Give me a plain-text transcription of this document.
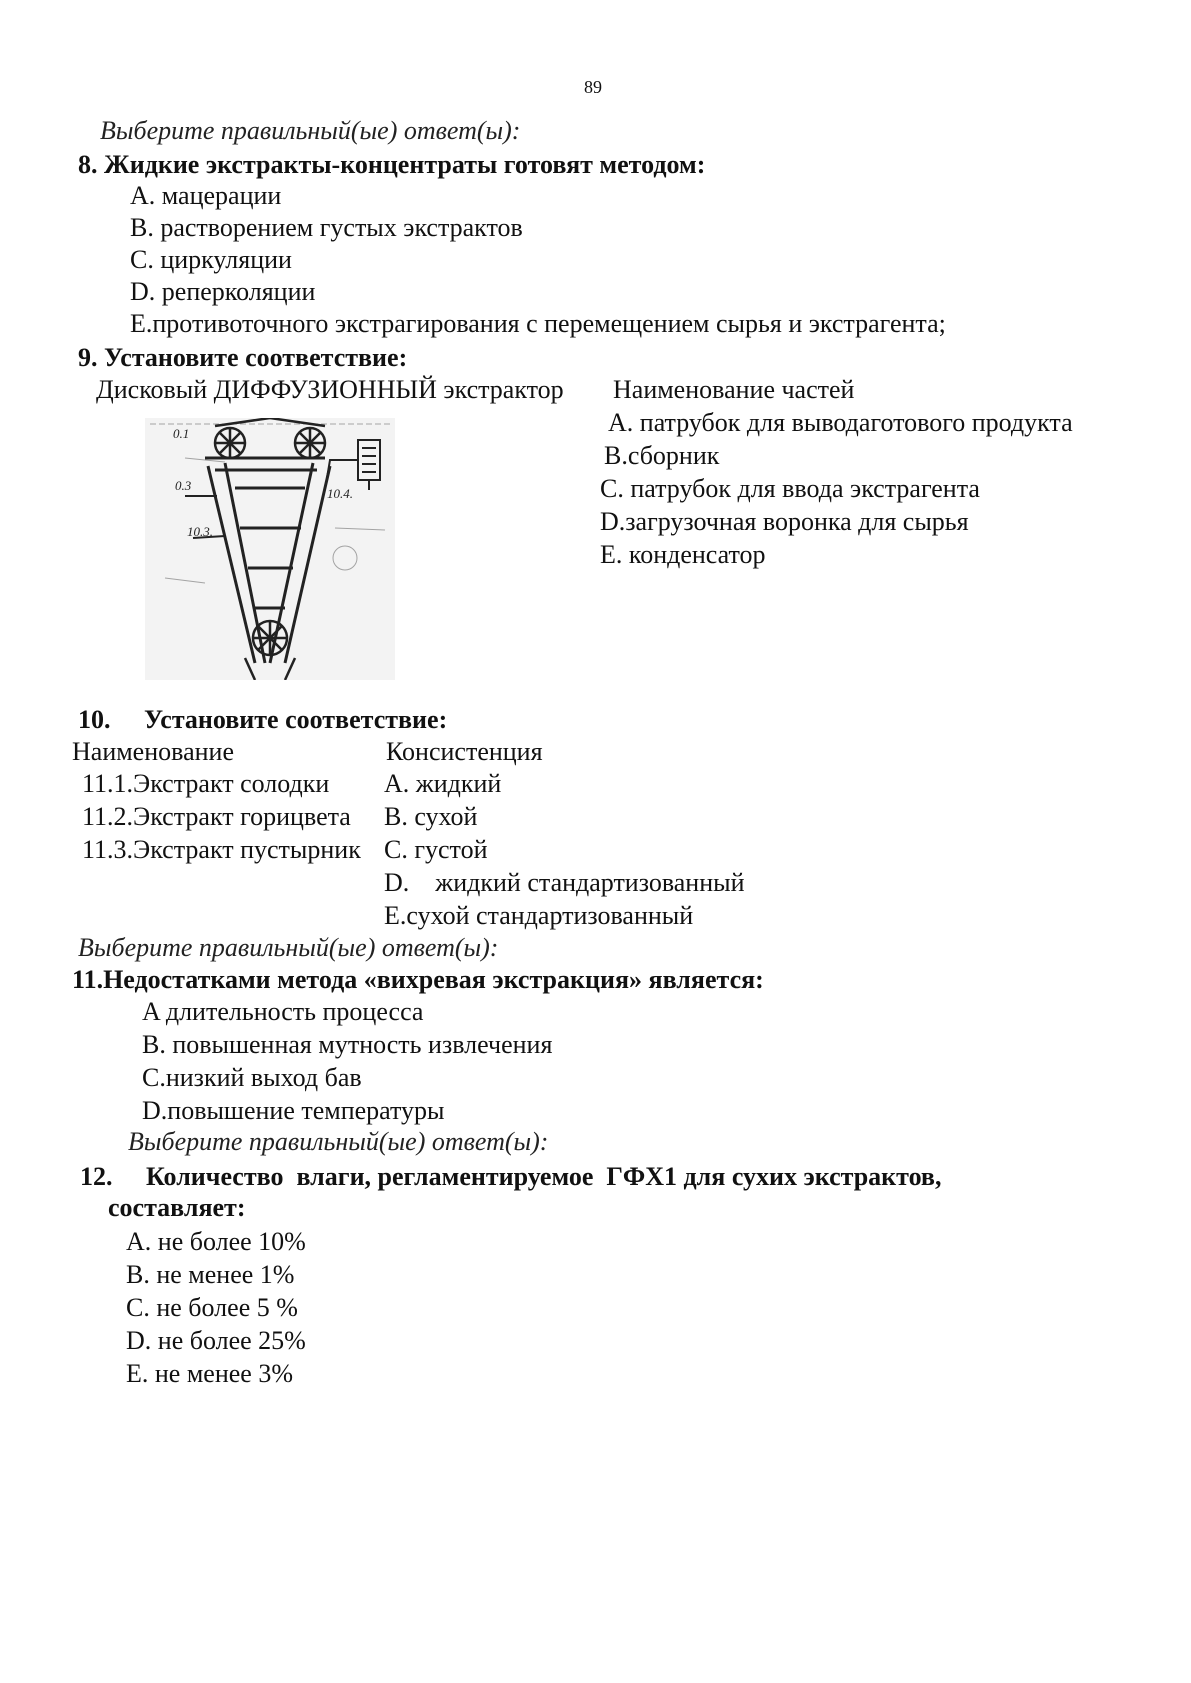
89
Выберите правильный(ые) ответ(ы):
8. Жидкие экстракты-концентраты готовят методом:
A. мацерации
B. растворением густых экстрактов
C. циркуляции
D. реперколяции
E.противоточного экстрагирования с перемещением сырья и экстрагента;
9. Установите соответствие:
Дисковый ДИФФУЗИОННЫЙ экстрактор Наименование частей
A. патрубок для выводаготового продукта
B.сборник
C. патрубок для ввода экстрагента
D.загрузочная воронка для сырья
E. конденсатор
0.1
0.3
10.3.
10.4.
10. Установите соответствие:
Наименование	Консистенция
11.1.Экстракт солодки
11.2.Экстракт горицвета
11.3.Экстракт пустырник
A. жидкий
B. сухой
C. густой
D.    жидкий стандартизованный
E.сухой стандартизованный
Выберите правильный(ые) ответ(ы):
11.Недостатками метода «вихревая экстракция» является:
A длительность процесса
B. повышенная мутность извлечения
C.низкий выход бав
D.повышение температуры
Выберите правильный(ые) ответ(ы):
12. Количество  влаги, регламентируемое  ГФХ1 для сухих экстрактов,
составляет:
A. не более 10%
B. не менее 1%
C. не более 5 %
D. не более 25%
E. не менее 3%
